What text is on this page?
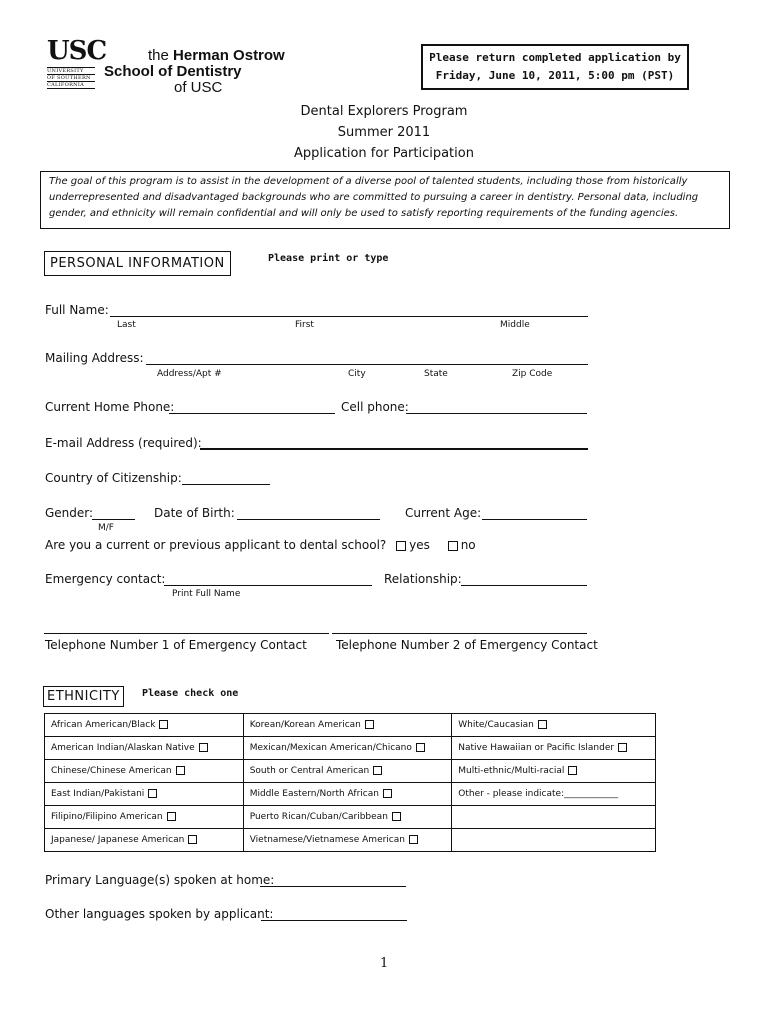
USC
UNIVERSITY
OF SOUTHERN
CALIFORNIA
the Herman Ostrow
School of Dentistry
of USC
Please return completed application by
Friday, June 10, 2011, 5:00 pm (PST)
Dental Explorers Program
Summer 2011
Application for Participation
The goal of this program is to assist in the development of a diverse pool of talented students, including those from historically underrepresented and disadvantaged backgrounds who are committed to pursuing a career in dentistry. Personal data, including gender, and ethnicity will remain confidential and will only be used to satisfy reporting requirements of the funding agencies.
PERSONAL INFORMATION	Please print or type
Full Name:
Last	First	Middle
Mailing Address:
Address/Apt #	City	State	Zip Code
Current Home Phone:	Cell phone:
E-mail Address (required):
Country of Citizenship:
Gender:
M/F
Date of Birth:	Current Age:
Are you a current or previous applicant to dental school? yes	no
Emergency contact:
Print Full Name
Relationship:
Telephone Number 1 of Emergency Contact Telephone Number 2 of Emergency Contact
ETHNICITY	Please check one
African American/Black	Korean/Korean American	White/Caucasian
American Indian/Alaskan Native	Mexican/Mexican American/Chicano	Native Hawaiian or Pacific Islander
Chinese/Chinese American	South or Central American	Multi-ethnic/Multi-racial
East Indian/Pakistani	Middle Eastern/North African	Other - please indicate:____________
Filipino/Filipino American	Puerto Rican/Cuban/Caribbean	
Japanese/ Japanese American	Vietnamese/Vietnamese American	
Primary Language(s) spoken at home:
Other languages spoken by applicant:
1
